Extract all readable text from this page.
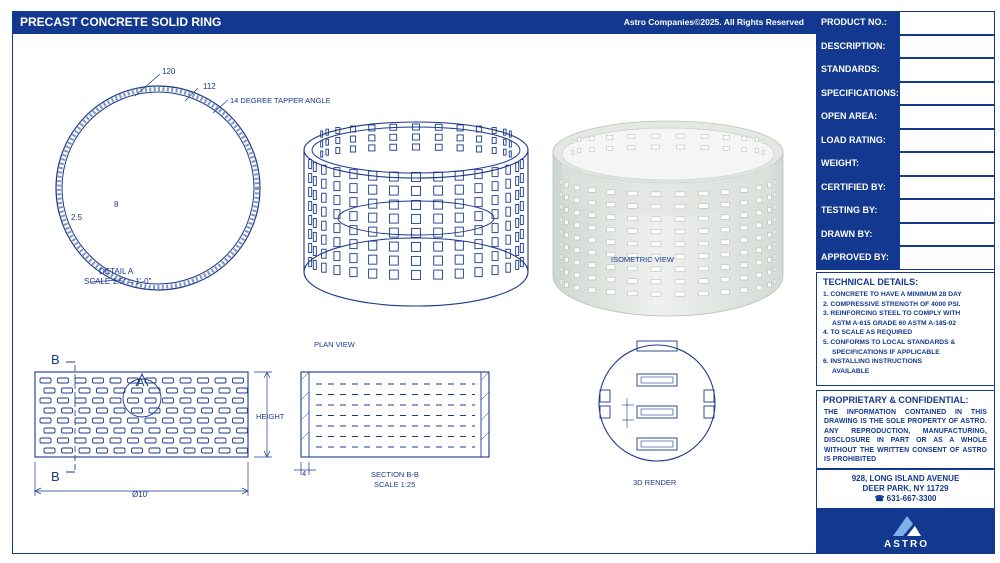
PRECAST CONCRETE SOLID RING	Astro Companies©2025. All Rights Reserved
120
112
14 DEGREE TAPPER ANGLE
8
2.5
DETAIL A
SCALE 1.5" = 1'-0"
PLAN VIEW
ISOMETRIC VIEW
B
B
A
HEIGHT
Ø10'
4	SECTION B-B
SCALE 1:25	3D RENDER
PRODUCT NO.:
DESCRIPTION:
STANDARDS:
SPECIFICATIONS:
OPEN AREA:
LOAD RATING:
WEIGHT:
CERTIFIED BY:
TESTING BY:
DRAWN BY:
APPROVED BY:
TECHNICAL DETAILS:
1. CONCRETE TO HAVE A MINIMUM 28 DAY
2. COMPRESSIVE STRENGTH OF 4000 PSI.
3. REINFORCING STEEL TO COMPLY WITH
ASTM A-615 GRADE 60 ASTM A-185-02
4. TO SCALE AS REQUIRED
5. CONFORMS TO LOCAL STANDARDS &
SPECIFICATIONS IF APPLICABLE
6. INSTALLING INSTRUCTIONS
AVAILABLE
PROPRIETARY & CONFIDENTIAL:
THE INFORMATION CONTAINED IN THIS DRAWING IS THE SOLE PROPERTY OF ASTRO. ANY REPRODUCTION, MANUFACTURING, DISCLOSURE IN PART OR AS A WHOLE WITHOUT THE WRITTEN CONSENT OF ASTRO IS PROHIBITED
928, LONG ISLAND AVENUE
DEER PARK, NY 11729
☎ 631-667-3300
ASTRO
